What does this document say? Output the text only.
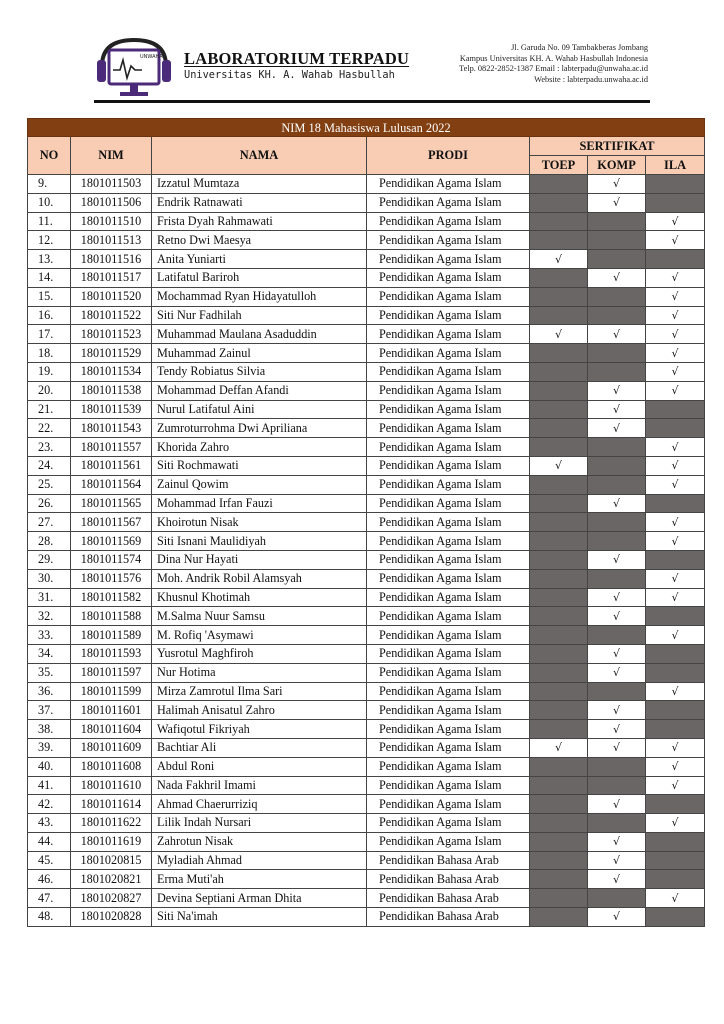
UNWAHA LABORATORIUM TERPADU
Universitas KH. A. Wahab Hasbullah
Jl. Garuda No. 09 Tambakberas Jombang
Kampus Universitas KH. A. Wahab Hasbullah Indonesia
Telp. 0822-2852-1387 Email : labterpadu@unwaha.ac.id
Website : labterpadu.unwaha.ac.id
NIM 18 Mahasiswa Lulusan 2022						
NO	NIM	NAMA	PRODI	SERTIFIKAT		
				TOEP	KOMP	ILA
9.	1801011503	Izzatul Mumtaza	Pendidikan Agama Islam		√	
10.	1801011506	Endrik Ratnawati	Pendidikan Agama Islam		√	
11.	1801011510	Frista Dyah Rahmawati	Pendidikan Agama Islam			√
12.	1801011513	Retno Dwi Maesya	Pendidikan Agama Islam			√
13.	1801011516	Anita Yuniarti	Pendidikan Agama Islam	√		
14.	1801011517	Latifatul Bariroh	Pendidikan Agama Islam		√	√
15.	1801011520	Mochammad Ryan Hidayatulloh	Pendidikan Agama Islam			√
16.	1801011522	Siti Nur Fadhilah	Pendidikan Agama Islam			√
17.	1801011523	Muhammad Maulana Asaduddin	Pendidikan Agama Islam	√	√	√
18.	1801011529	Muhammad Zainul	Pendidikan Agama Islam			√
19.	1801011534	Tendy Robiatus Silvia	Pendidikan Agama Islam			√
20.	1801011538	Mohammad Deffan Afandi	Pendidikan Agama Islam		√	√
21.	1801011539	Nurul Latifatul Aini	Pendidikan Agama Islam		√	
22.	1801011543	Zumroturrohma Dwi Apriliana	Pendidikan Agama Islam		√	
23.	1801011557	Khorida Zahro	Pendidikan Agama Islam			√
24.	1801011561	Siti Rochmawati	Pendidikan Agama Islam	√		√
25.	1801011564	Zainul Qowim	Pendidikan Agama Islam			√
26.	1801011565	Mohammad Irfan Fauzi	Pendidikan Agama Islam		√	
27.	1801011567	Khoirotun Nisak	Pendidikan Agama Islam			√
28.	1801011569	Siti Isnani Maulidiyah	Pendidikan Agama Islam			√
29.	1801011574	Dina Nur Hayati	Pendidikan Agama Islam		√	
30.	1801011576	Moh. Andrik Robil Alamsyah	Pendidikan Agama Islam			√
31.	1801011582	Khusnul Khotimah	Pendidikan Agama Islam		√	√
32.	1801011588	M.Salma Nuur Samsu	Pendidikan Agama Islam		√	
33.	1801011589	M. Rofiq 'Asymawi	Pendidikan Agama Islam			√
34.	1801011593	Yusrotul Maghfiroh	Pendidikan Agama Islam		√	
35.	1801011597	Nur Hotima	Pendidikan Agama Islam		√	
36.	1801011599	Mirza Zamrotul Ilma Sari	Pendidikan Agama Islam			√
37.	1801011601	Halimah Anisatul Zahro	Pendidikan Agama Islam		√	
38.	1801011604	Wafiqotul Fikriyah	Pendidikan Agama Islam		√	
39.	1801011609	Bachtiar Ali	Pendidikan Agama Islam	√	√	√
40.	1801011608	Abdul Roni	Pendidikan Agama Islam			√
41.	1801011610	Nada Fakhril Imami	Pendidikan Agama Islam			√
42.	1801011614	Ahmad Chaerurriziq	Pendidikan Agama Islam		√	
43.	1801011622	Lilik Indah Nursari	Pendidikan Agama Islam			√
44.	1801011619	Zahrotun Nisak	Pendidikan Agama Islam		√	
45.	1801020815	Myladiah Ahmad	Pendidikan Bahasa Arab		√	
46.	1801020821	Erma Muti'ah	Pendidikan Bahasa Arab		√	
47.	1801020827	Devina Septiani Arman Dhita	Pendidikan Bahasa Arab			√
48.	1801020828	Siti Na'imah	Pendidikan Bahasa Arab		√	
